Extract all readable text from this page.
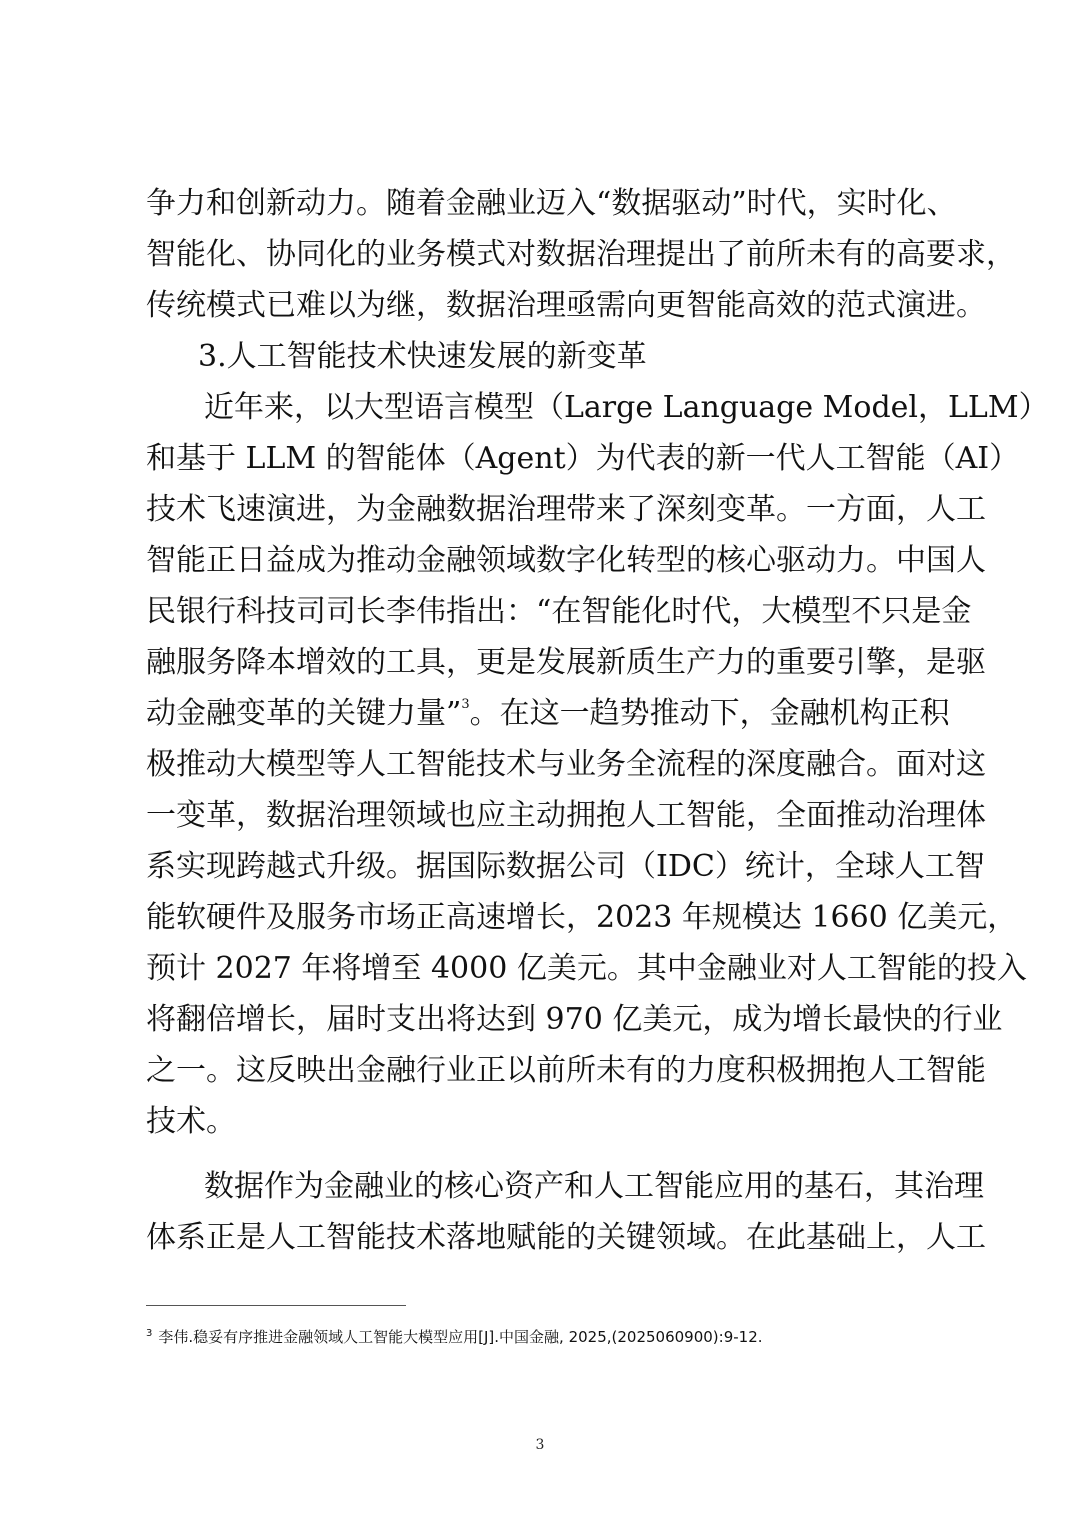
争力和创新动力。随着金融业迈入“数据驱动”时代，实时化、
智能化、协同化的业务模式对数据治理提出了前所未有的高要求，
传统模式已难以为继，数据治理亟需向更智能高效的范式演进。
3.人工智能技术快速发展的新变革
近年来，以大型语言模型（Large Language Model，LLM）
和基于 LLM 的智能体（Agent）为代表的新一代人工智能（AI）
技术飞速演进，为金融数据治理带来了深刻变革。一方面，人工
智能正日益成为推动金融领域数字化转型的核心驱动力。中国人
民银行科技司司长李伟指出：“在智能化时代，大模型不只是金
融服务降本增效的工具，更是发展新质生产力的重要引擎，是驱
动金融变革的关键力量”$^3$。在这一趋势推动下，金融机构正积
极推动大模型等人工智能技术与业务全流程的深度融合。面对这
一变革，数据治理领域也应主动拥抱人工智能，全面推动治理体
系实现跨越式升级。据国际数据公司（IDC）统计，全球人工智
能软硬件及服务市场正高速增长，2023 年规模达 1660 亿美元，
预计 2027 年将增至 4000 亿美元。其中金融业对人工智能的投入
将翻倍增长，届时支出将达到 970 亿美元，成为增长最快的行业
之一。这反映出金融行业正以前所未有的力度积极拥抱人工智能
技术。
数据作为金融业的核心资产和人工智能应用的基石，其治理
体系正是人工智能技术落地赋能的关键领域。在此基础上，人工
$^3$ 李伟.稳妥有序推进金融领域人工智能大模型应用[J].中国金融, 2025,(2025060900):9-12.
3
